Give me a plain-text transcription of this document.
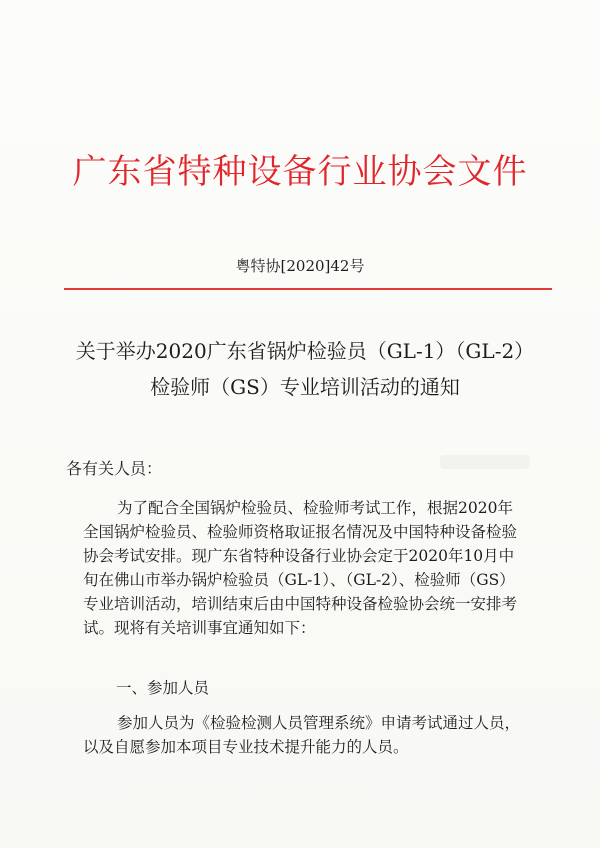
广东省特种设备行业协会文件
粤特协[2020]42号
关于举办2020广东省锅炉检验员（GL-1）（GL-2）
检验师（GS）专业培训活动的通知
各有关人员：
为了配合全国锅炉检验员、检验师考试工作，根据2020年
全国锅炉检验员、检验师资格取证报名情况及中国特种设备检验
协会考试安排。现广东省特种设备行业协会定于2020年10月中
旬在佛山市举办锅炉检验员（GL-1）、（GL-2）、检验师（GS）
专业培训活动，培训结束后由中国特种设备检验协会统一安排考
试。现将有关培训事宜通知如下：
一、参加人员
参加人员为《检验检测人员管理系统》申请考试通过人员，
以及自愿参加本项目专业技术提升能力的人员。
